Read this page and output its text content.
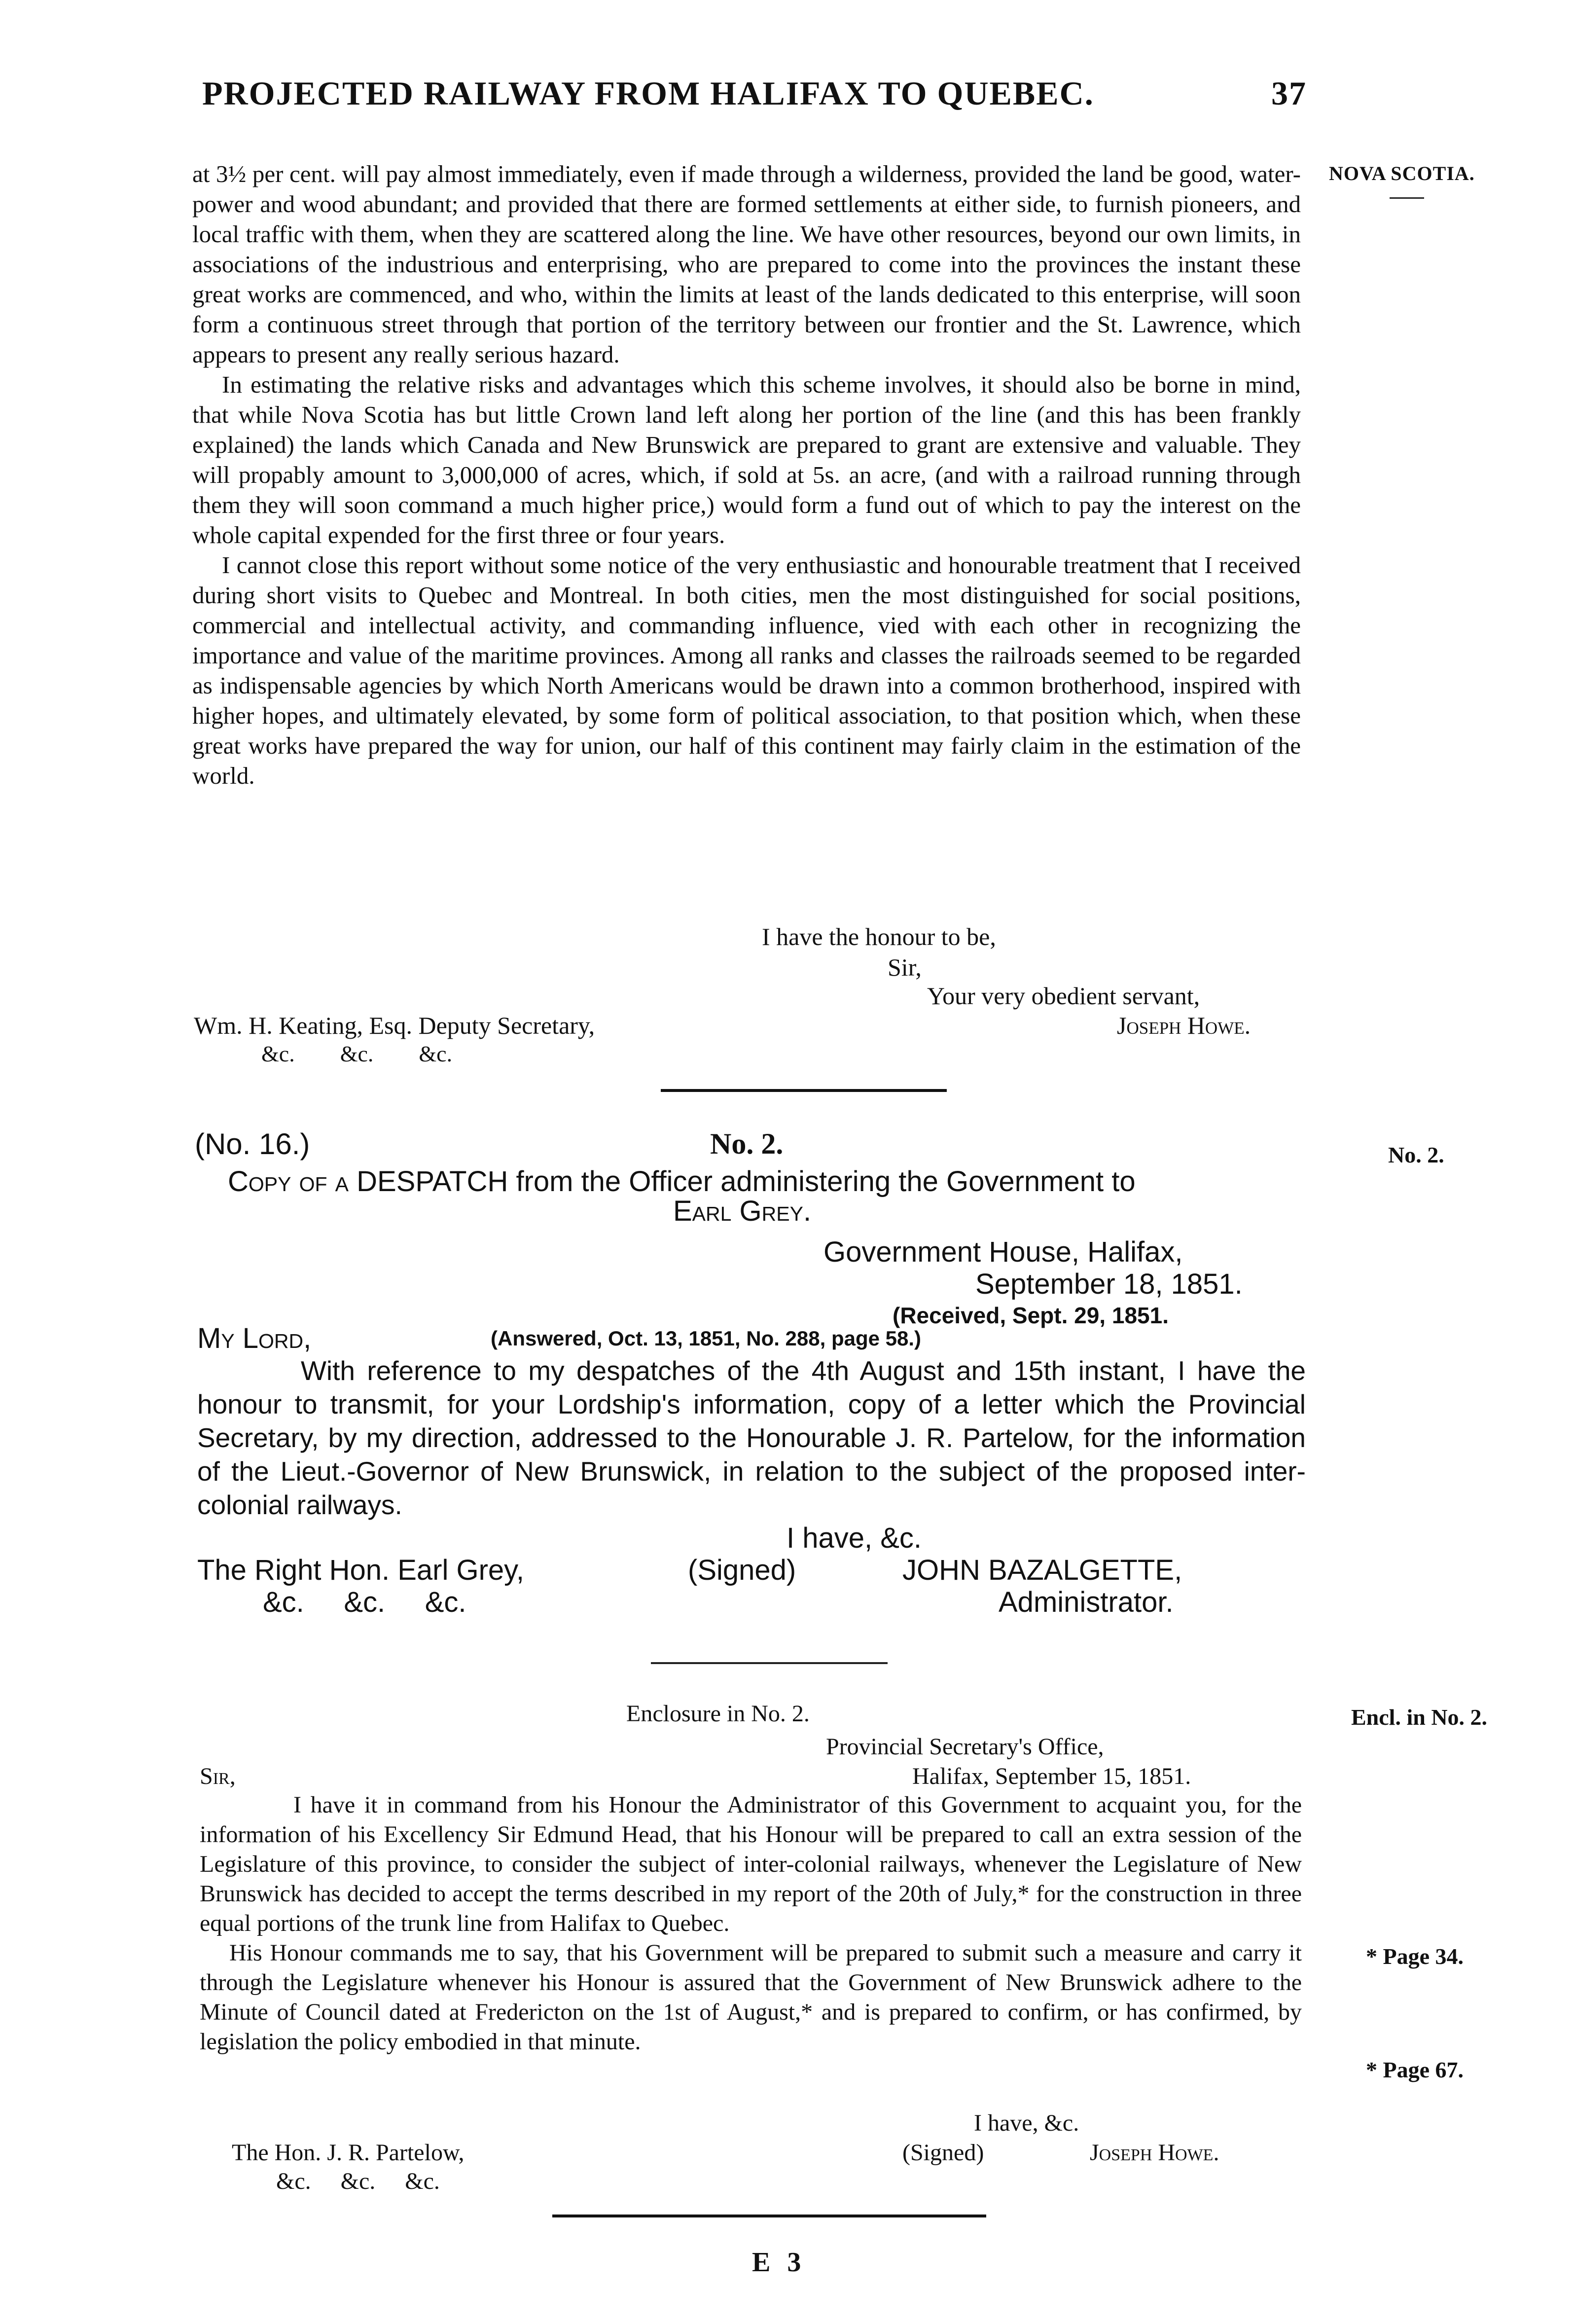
PROJECTED RAILWAY FROM HALIFAX TO QUEBEC.	37
NOVA SCOTIA.

at 3½ per cent. will pay almost immediately, even if made through a wilderness, provided the land be good, water-power and wood abundant; and provided that there are formed settlements at either side, to furnish pioneers, and local traffic with them, when they are scattered along the line. We have other resources, beyond our own limits, in associations of the industrious and enterprising, who are prepared to come into the provinces the instant these great works are commenced, and who, within the limits at least of the lands dedicated to this enterprise, will soon form a continuous street through that portion of the territory between our frontier and the St. Lawrence, which appears to present any really serious hazard.

In estimating the relative risks and advantages which this scheme involves, it should also be borne in mind, that while Nova Scotia has but little Crown land left along her portion of the line (and this has been frankly explained) the lands which Canada and New Brunswick are prepared to grant are extensive and valuable. They will propably amount to 3,000,000 of acres, which, if sold at 5s. an acre, (and with a railroad running through them they will soon command a much higher price,) would form a fund out of which to pay the interest on the whole capital expended for the first three or four years.

I cannot close this report without some notice of the very enthusiastic and honourable treatment that I received during short visits to Quebec and Montreal. In both cities, men the most distinguished for social positions, commercial and intellectual activity, and commanding influence, vied with each other in recognizing the importance and value of the maritime provinces. Among all ranks and classes the railroads seemed to be regarded as indispensable agencies by which North Americans would be drawn into a common brotherhood, inspired with higher hopes, and ultimately elevated, by some form of political association, to that position which, when these great works have prepared the way for union, our half of this continent may fairly claim in the estimation of the world.

I have the honour to be,
Sir,
Your very obedient servant,
Wm. H. Keating, Esq. Deputy Secretary,
&c.        &c.        &c.
Joseph Howe.
(No. 16.)	No. 2.	No. 2.
Copy of a DESPATCH from the Officer administering the Government to
Earl Grey.
Government House, Halifax,
September 18, 1851.
(Received, Sept. 29, 1851.
My Lord,	(Answered, Oct. 13, 1851, No. 288, page 58.)
With reference to my despatches of the 4th August and 15th instant, I have the honour to transmit, for your Lordship's information, copy of a letter which the Provincial Secretary, by my direction, addressed to the Honourable J. R. Partelow, for the information of the Lieut.-Governor of New Brunswick, in relation to the subject of the proposed inter-colonial railways.
I have, &c.
The Right Hon. Earl Grey,
&c.     &c.     &c.
(Signed)	JOHN BAZALGETTE,
Administrator.
Enclosure in No. 2.	Encl. in No. 2.
Provincial Secretary's Office,
Sir,	Halifax, September 15, 1851.

I have it in command from his Honour the Administrator of this Government to acquaint you, for the information of his Excellency Sir Edmund Head, that his Honour will be prepared to call an extra session of the Legislature of this province, to consider the subject of inter-colonial railways, whenever the Legislature of New Brunswick has decided to accept the terms described in my report of the 20th of July,* for the construction in three equal portions of the trunk line from Halifax to Quebec.

His Honour commands me to say, that his Government will be prepared to submit such a measure and carry it through the Legislature whenever his Honour is assured that the Government of New Brunswick adhere to the Minute of Council dated at Fredericton on the 1st of August,* and is prepared to confirm, or has confirmed, by legislation the policy embodied in that minute.

* Page 34.
* Page 67.
I have, &c.
The Hon. J. R. Partelow,
&c.     &c.     &c.
(Signed)	Joseph Howe.
E 3
